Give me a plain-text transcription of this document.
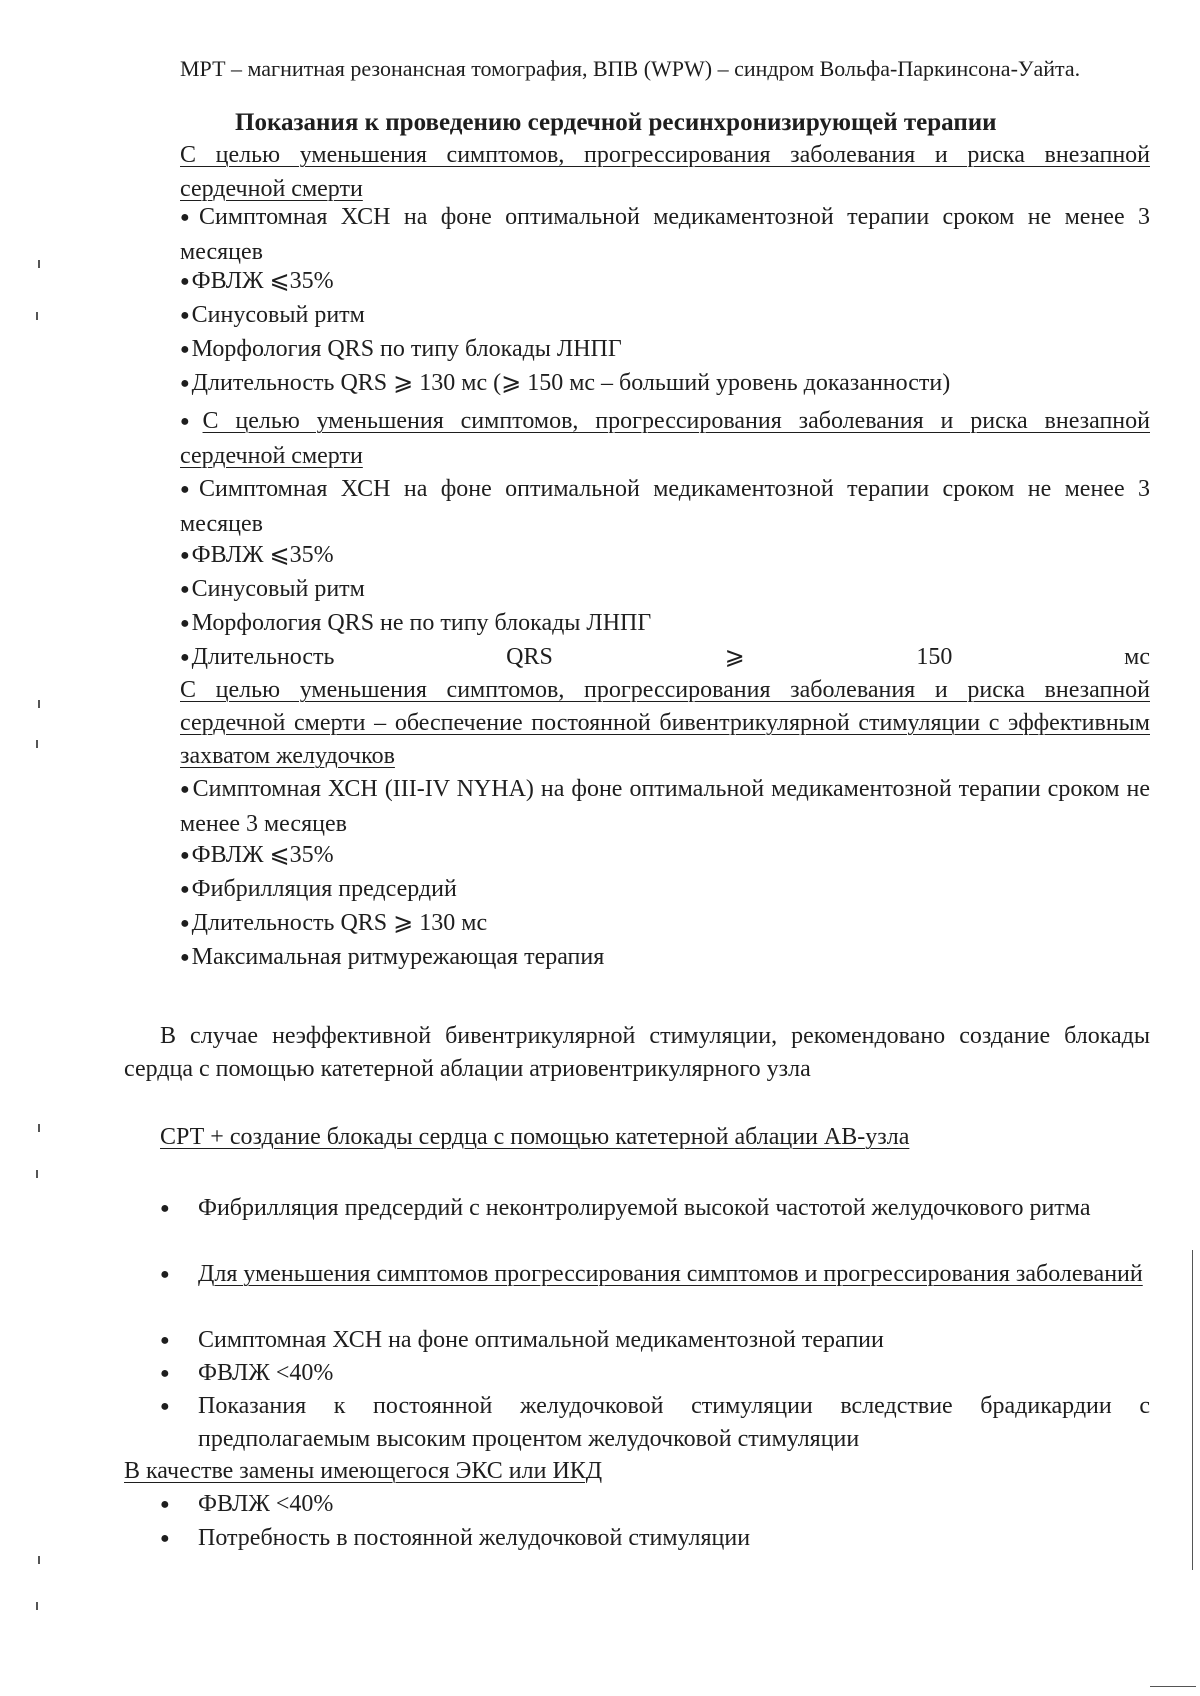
МРТ – магнитная резонансная томография, ВПВ (WPW) – синдром Вольфа-Паркинсона-Уайта.
Показания к проведению сердечной ресинхронизирующей терапии
С целью уменьшения симптомов, прогрессирования заболевания и риска внезапной сердечной смерти
●Симптомная ХСН на фоне оптимальной медикаментозной терапии сроком не менее 3 месяцев
●ФВЛЖ ⩽35%
●Синусовый ритм
●Морфология QRS по типу блокады ЛНПГ
●Длительность QRS ⩾ 130 мс (⩾ 150 мс – больший уровень доказанности)
●С целью уменьшения симптомов, прогрессирования заболевания и риска внезапной сердечной смерти
●Симптомная ХСН на фоне оптимальной медикаментозной терапии сроком не менее 3 месяцев
●ФВЛЖ ⩽35%
●Синусовый ритм
●Морфология QRS не по типу блокады ЛНПГ
●Длительность	QRS	⩾	150	мс
С целью уменьшения симптомов, прогрессирования заболевания и риска внезапной сердечной смерти – обеспечение постоянной бивентрикулярной стимуляции с эффективным захватом желудочков
●Симптомная ХСН (III-IV NYHA) на фоне оптимальной медикаментозной терапии сроком не менее 3 месяцев
●ФВЛЖ ⩽35%
●Фибрилляция предсердий
●Длительность QRS ⩾ 130 мс
●Максимальная ритмурежающая терапия
В случае неэффективной бивентрикулярной стимуляции, рекомендовано создание блокады сердца с помощью катетерной аблации атриовентрикулярного узла
СРТ + создание блокады сердца с помощью катетерной аблации АВ-узла
● Фибрилляция предсердий с неконтролируемой высокой частотой желудочкового ритма
● Для уменьшения симптомов прогрессирования симптомов и прогрессирования заболеваний
● Симптомная ХСН на фоне оптимальной медикаментозной терапии
● ФВЛЖ <40%
● Показания к постоянной желудочковой стимуляции вследствие брадикардии с предполагаемым высоким процентом желудочковой стимуляции
В качестве замены имеющегося ЭКС или ИКД
● ФВЛЖ <40%
● Потребность в постоянной желудочковой стимуляции
